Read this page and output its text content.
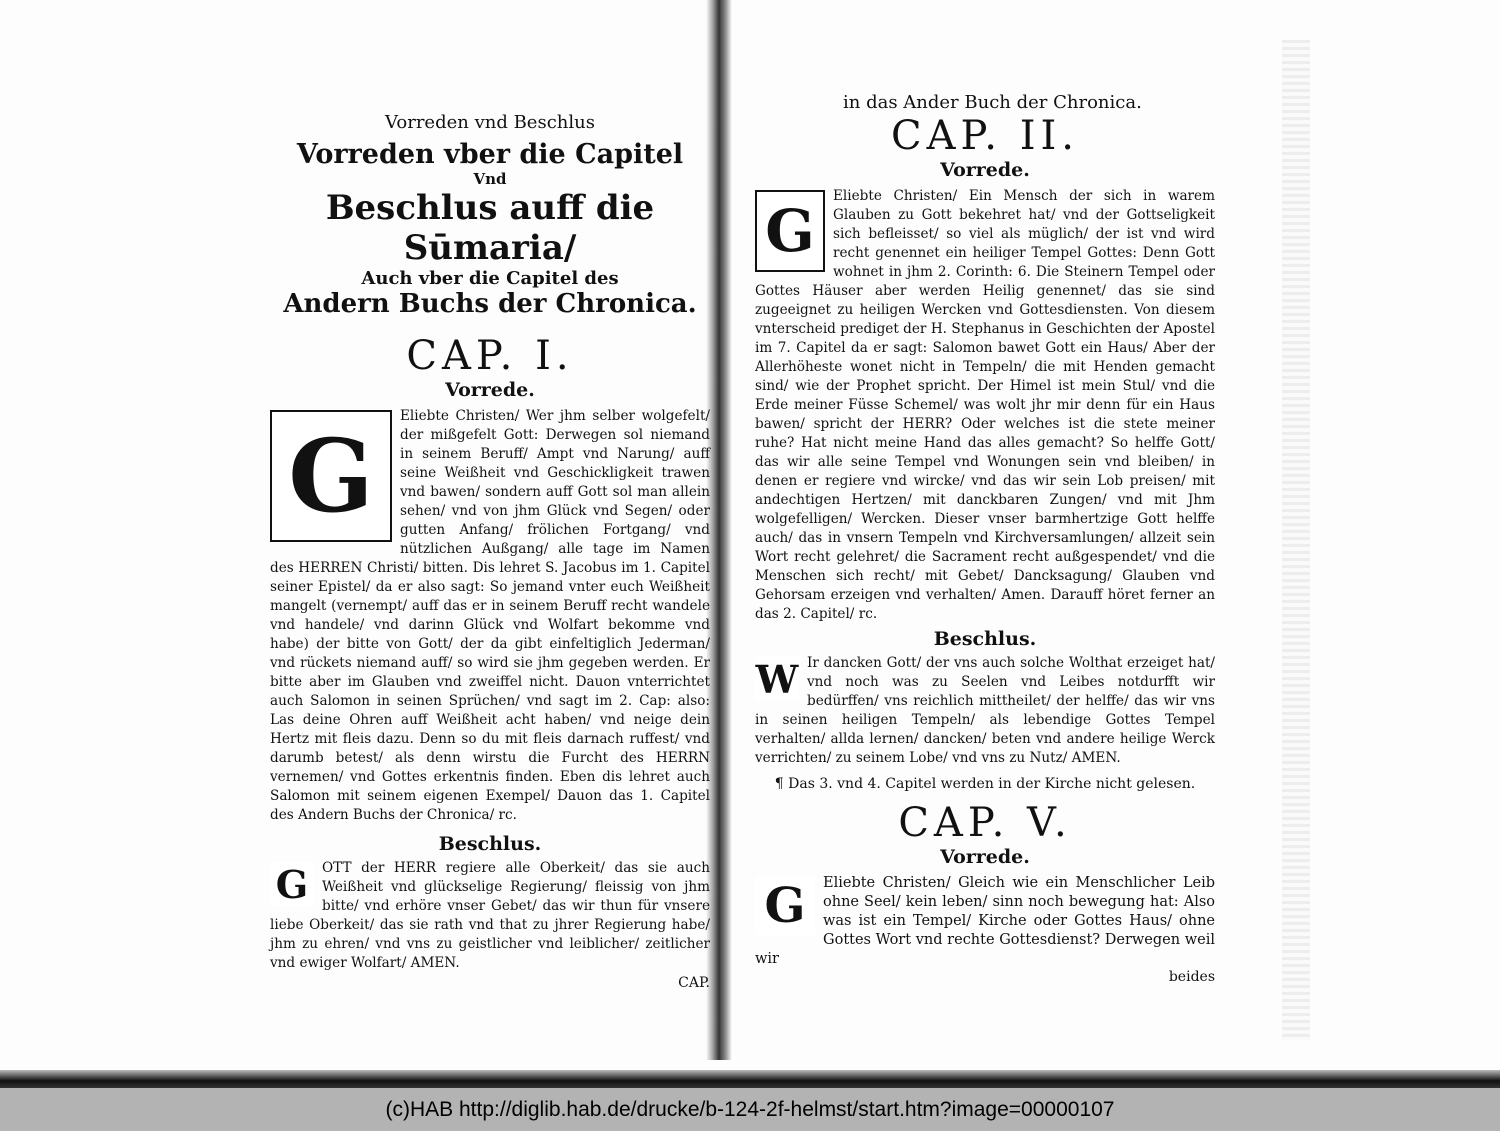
Vorreden vnd Beschlus

Vorreden vber die Capitel

Vnd

Beschlus auff die Sūmaria/

Auch vber die Capitel des

Andern Buchs der Chronica.

CAP. I.

Vorrede.

G

Eliebte Christen/ Wer jhm selber wolgefelt/ der mißgefelt Gott: Derwegen sol niemand in seinem Beruff/ Ampt vnd Narung/ auff seine Weißheit vnd Geschickligkeit trawen vnd bawen/ sondern auff Gott sol man allein sehen/ vnd von jhm Glück vnd Segen/ oder gutten Anfang/ frölichen Fortgang/ vnd nützlichen Außgang/ alle tage im Namen des HERREN Christi/ bitten. Dis lehret S. Jacobus im 1. Capitel seiner Epistel/ da er also sagt: So jemand vnter euch Weißheit mangelt (vernempt/ auff das er in seinem Beruff recht wandele vnd handele/ vnd darinn Glück vnd Wolfart bekomme vnd habe) der bitte von Gott/ der da gibt einfeltiglich Jederman/ vnd rückets niemand auff/ so wird sie jhm gegeben werden. Er bitte aber im Glauben vnd zweiffel nicht. Dauon vnterrichtet auch Salomon in seinen Sprüchen/ vnd sagt im 2. Cap: also: Las deine Ohren auff Weißheit acht haben/ vnd neige dein Hertz mit fleis dazu. Denn so du mit fleis darnach ruffest/ vnd darumb betest/ als denn wirstu die Furcht des HERRN vernemen/ vnd Gottes erkentnis finden. Eben dis lehret auch Salomon mit seinem eigenen Exempel/ Dauon das 1. Capitel des Andern Buchs der Chronica/ rc.

Beschlus.

G	OTT der HERR regiere alle Oberkeit/ das sie auch Weißheit vnd glückselige Regierung/ fleissig von jhm bitte/ vnd erhöre vnser Gebet/ das wir thun für vnsere liebe Oberkeit/ das sie rath vnd that zu jhrer Regierung habe/ jhm zu ehren/ vnd vns zu geistlicher vnd leiblicher/ zeitlicher vnd ewiger Wolfart/ AMEN.

CAP.

in das Ander Buch der Chronica.

CAP. II.

Vorrede.

G

Eliebte Christen/ Ein Mensch der sich in warem Glauben zu Gott bekehret hat/ vnd der Gottseligkeit sich befleisset/ so viel als müglich/ der ist vnd wird recht genennet ein heiliger Tempel Gottes: Denn Gott wohnet in jhm 2. Corinth: 6. Die Steinern Tempel oder Gottes Häuser aber werden Heilig genennet/ das sie sind zugeeignet zu heiligen Wercken vnd Gottesdiensten. Von diesem vnterscheid prediget der H. Stephanus in Geschichten der Apostel im 7. Capitel da er sagt: Salomon bawet Gott ein Haus/ Aber der Allerhöheste wonet nicht in Tempeln/ die mit Henden gemacht sind/ wie der Prophet spricht. Der Himel ist mein Stul/ vnd die Erde meiner Füsse Schemel/ was wolt jhr mir denn für ein Haus bawen/ spricht der HERR? Oder welches ist die stete meiner ruhe? Hat nicht meine Hand das alles gemacht? So helffe Gott/ das wir alle seine Tempel vnd Wonungen sein vnd bleiben/ in denen er regiere vnd wircke/ vnd das wir sein Lob preisen/ mit andechtigen Hertzen/ mit danckbaren Zungen/ vnd mit Jhm wolgefelligen/ Wercken. Dieser vnser barmhertzige Gott helffe auch/ das in vnsern Tempeln vnd Kirchversamlungen/ allzeit sein Wort recht gelehret/ die Sacrament recht außgespendet/ vnd die Menschen sich recht/ mit Gebet/ Dancksagung/ Glauben vnd Gehorsam erzeigen vnd verhalten/ Amen. Darauff höret ferner an das 2. Capitel/ rc.

Beschlus.

W Ir dancken Gott/ der vns auch solche Wolthat erzeiget hat/ vnd noch was zu Seelen vnd Leibes notdurfft wir bedürffen/ vns reichlich mittheilet/ der helffe/ das wir vns in seinen heiligen Tempeln/ als lebendige Gottes Tempel verhalten/ allda lernen/ dancken/ beten vnd andere heilige Werck verrichten/ zu seinem Lobe/ vnd vns zu Nutz/ AMEN.

¶ Das 3. vnd 4. Capitel werden in der Kirche nicht gelesen.

CAP. V.

Vorrede.

G	Eliebte Christen/ Gleich wie ein Menschlicher Leib ohne Seel/ kein leben/ sinn noch bewegung hat: Also was ist ein Tempel/ Kirche oder Gottes Haus/ ohne Gottes Wort vnd rechte Gottesdienst? Derwegen weil wir

beides

(c)HAB http://diglib.hab.de/drucke/b-124-2f-helmst/start.htm?image=00000107
